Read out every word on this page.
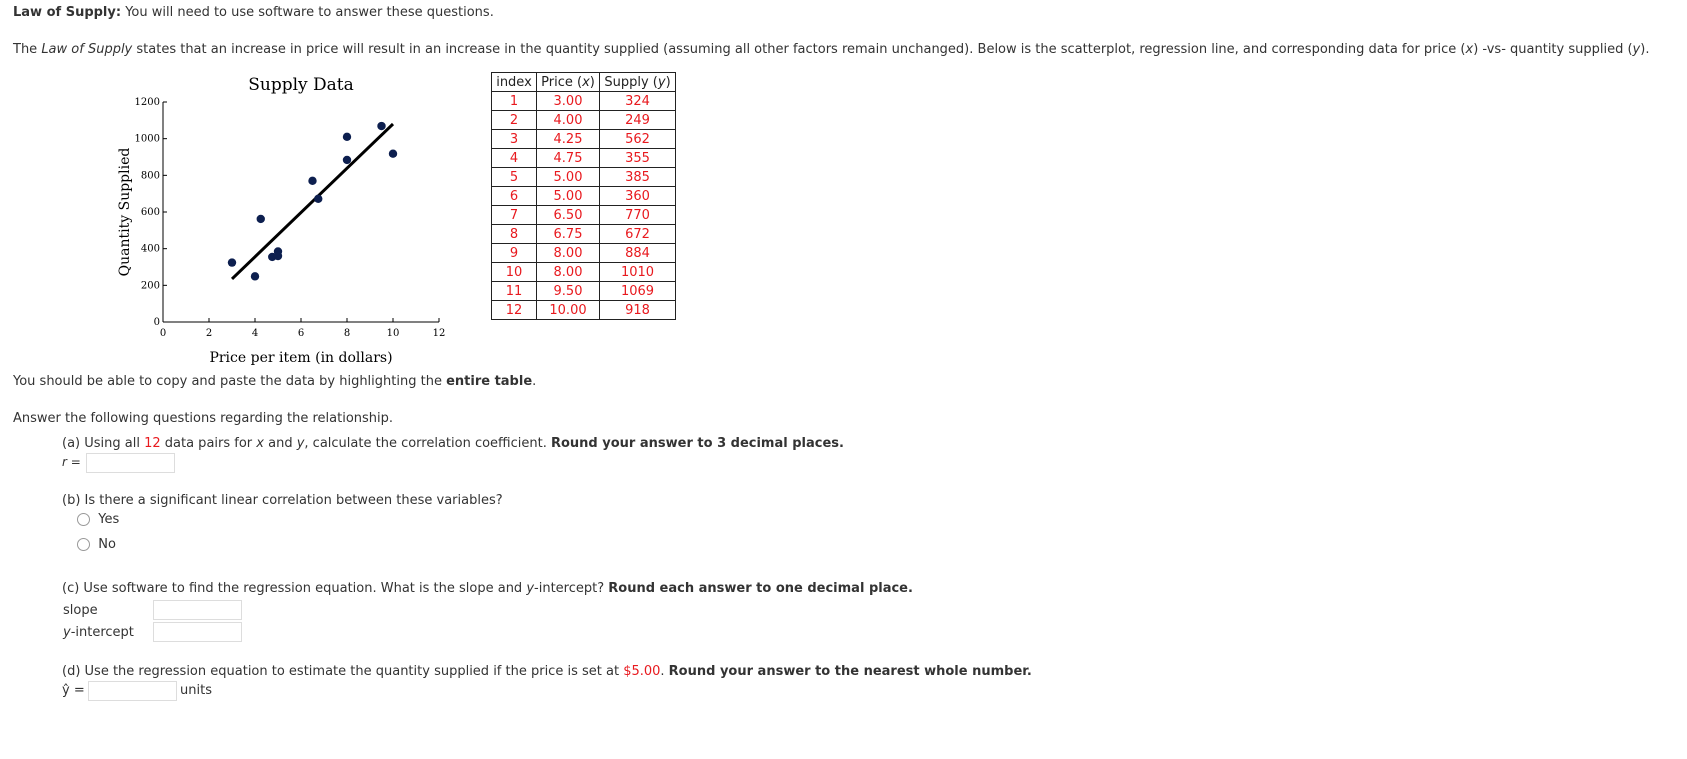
Law of Supply: You will need to use software to answer these questions.
The Law of Supply states that an increase in price will result in an increase in the quantity supplied (assuming all other factors remain unchanged). Below is the scatterplot, regression line, and corresponding data for price (x) -vs- quantity supplied (y).
Supply Data
Quantity Supplied
Price per item (in dollars)
0	2	4	6	8	10	12
0
200
400
600
800
1000
1200
index	Price (x)	Supply (y)
1	3.00	324
2	4.00	249
3	4.25	562
4	4.75	355
5	5.00	385
6	5.00	360
7	6.50	770
8	6.75	672
9	8.00	884
10	8.00	1010
11	9.50	1069
12	10.00	918
You should be able to copy and paste the data by highlighting the entire table.
Answer the following questions regarding the relationship.
(a) Using all 12 data pairs for x and y, calculate the correlation coefficient. Round your answer to 3 decimal places.
r =
(b) Is there a significant linear correlation between these variables?
Yes
No
(c) Use software to find the regression equation. What is the slope and y-intercept? Round each answer to one decimal place.
slope
y-intercept
(d) Use the regression equation to estimate the quantity supplied if the price is set at $5.00. Round your answer to the nearest whole number.
ŷ =	units
